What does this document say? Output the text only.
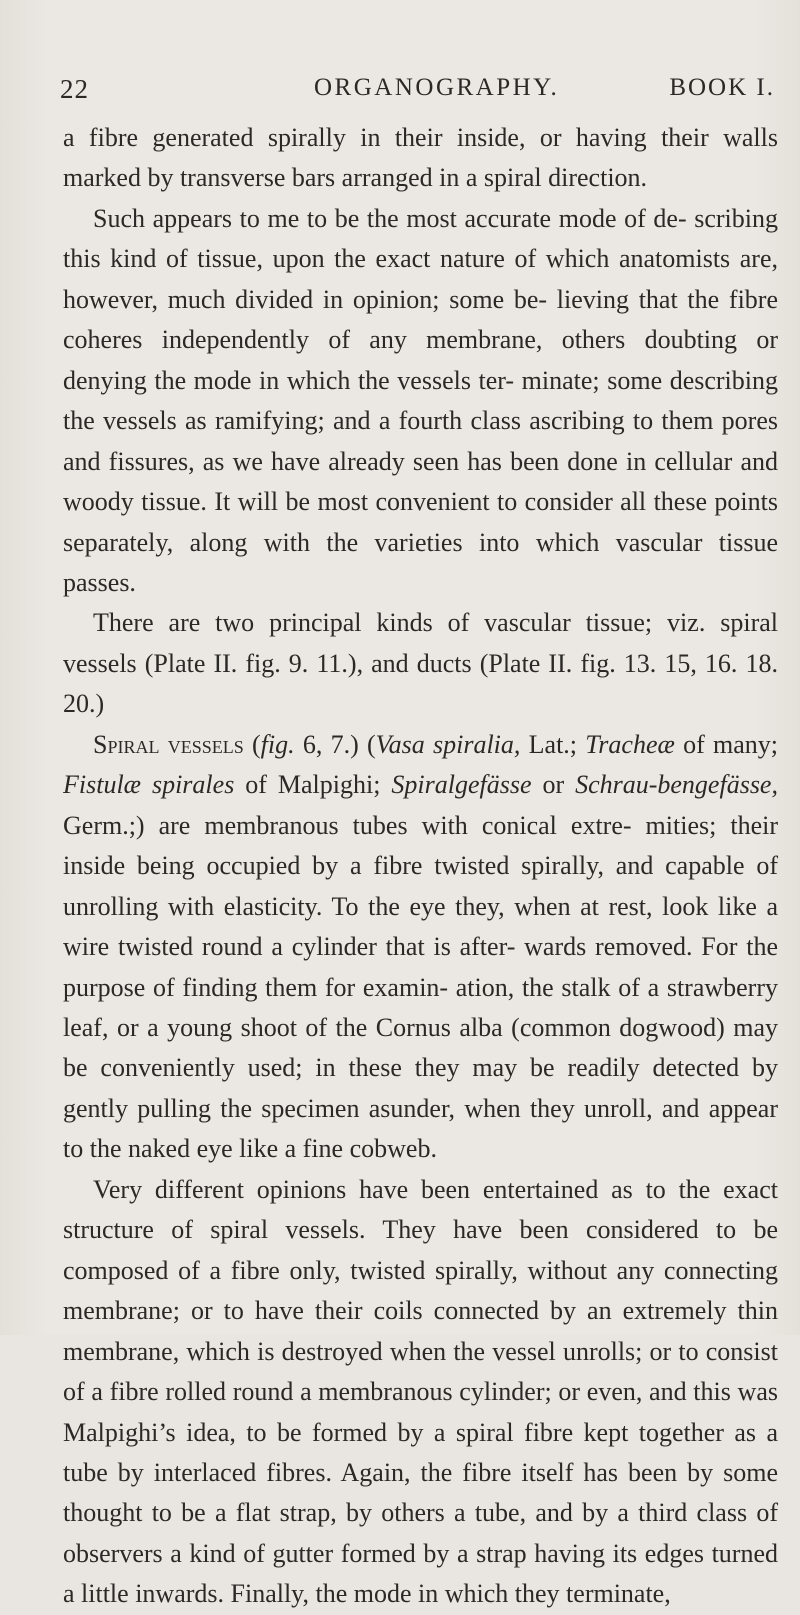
22	ORGANOGRAPHY.	BOOK I.

a fibre generated spirally in their inside, or having their walls marked by transverse bars arranged in a spiral direction.

Such appears to me to be the most accurate mode of de- scribing this kind of tissue, upon the exact nature of which anatomists are, however, much divided in opinion; some be- lieving that the fibre coheres independently of any membrane, others doubting or denying the mode in which the vessels ter- minate; some describing the vessels as ramifying; and a fourth class ascribing to them pores and fissures, as we have already seen has been done in cellular and woody tissue. It will be most convenient to consider all these points separately, along with the varieties into which vascular tissue passes.

There are two principal kinds of vascular tissue; viz. spiral vessels (Plate II. fig. 9. 11.), and ducts (Plate II. fig. 13. 15, 16. 18. 20.)

Spiral vessels (fig. 6, 7.) (Vasa spiralia, Lat.; Tracheæ of many; Fistulæ spirales of Malpighi; Spiralgefässe or Schrau-bengefässe, Germ.;) are membranous tubes with conical extre- mities; their inside being occupied by a fibre twisted spirally, and capable of unrolling with elasticity. To the eye they, when at rest, look like a wire twisted round a cylinder that is after- wards removed. For the purpose of finding them for examin- ation, the stalk of a strawberry leaf, or a young shoot of the Cornus alba (common dogwood) may be conveniently used; in these they may be readily detected by gently pulling the specimen asunder, when they unroll, and appear to the naked eye like a fine cobweb.

Very different opinions have been entertained as to the exact structure of spiral vessels. They have been considered to be composed of a fibre only, twisted spirally, without any connecting membrane; or to have their coils connected by an extremely thin membrane, which is destroyed when the vessel unrolls; or to consist of a fibre rolled round a membranous cylinder; or even, and this was Malpighi’s idea, to be formed by a spiral fibre kept together as a tube by interlaced fibres. Again, the fibre itself has been by some thought to be a flat strap, by others a tube, and by a third class of observers a kind of gutter formed by a strap having its edges turned a little inwards. Finally, the mode in which they terminate,
